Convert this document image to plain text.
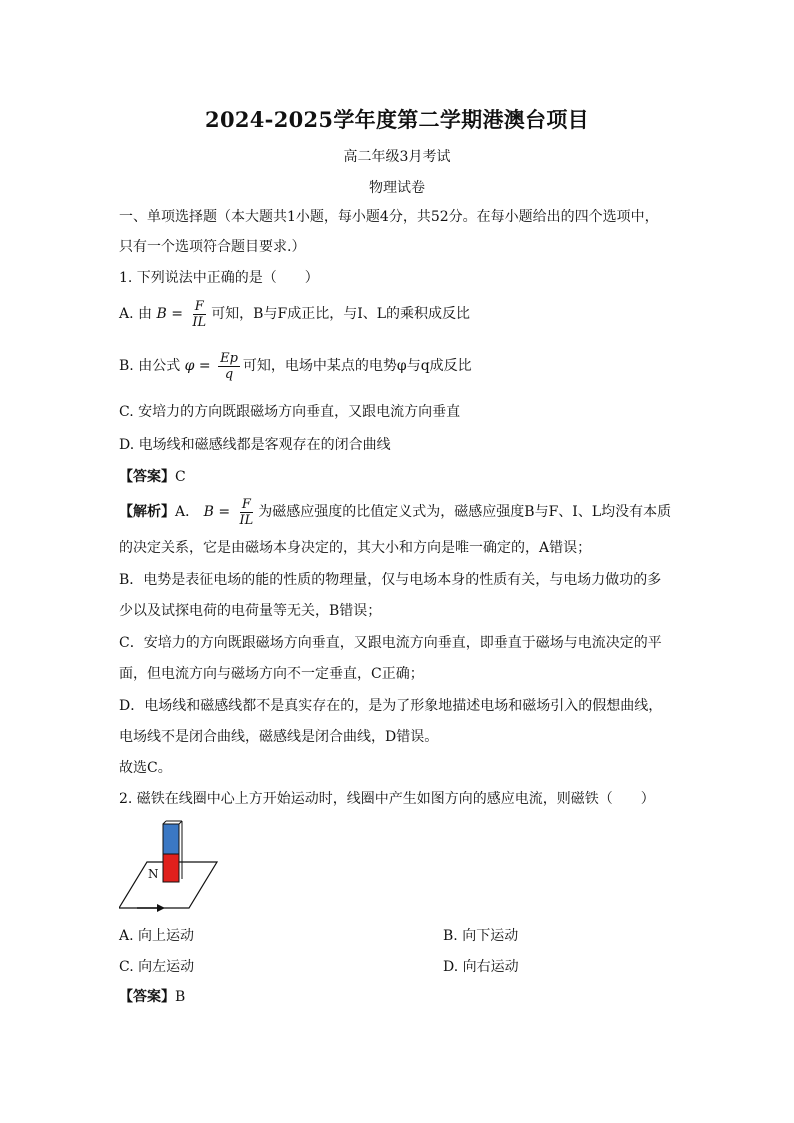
2024-2025学年度第二学期港澳台项目
高二年级3月考试
物理试卷
一、单项选择题（本大题共1小题，每小题4分，共52分。在每小题给出的四个选项中，
只有一个选项符合题目要求.）
1. 下列说法中正确的是（　　）
A. 由 $B = \frac{F}{IL}$ 可知，B与F成正比，与I、L的乘积成反比
B. 由公式 $\varphi = \frac{Ep}{q}$ 可知，电场中某点的电势φ与q成反比
C. 安培力的方向既跟磁场方向垂直，又跟电流方向垂直
D. 电场线和磁感线都是客观存在的闭合曲线
【答案】C
【解析】A． $B = \frac{F}{IL}$ 为磁感应强度的比值定义式为，磁感应强度B与F、I、L均没有本质
的决定关系，它是由磁场本身决定的，其大小和方向是唯一确定的，A错误；
B．电势是表征电场的能的性质的物理量，仅与电场本身的性质有关，与电场力做功的多
少以及试探电荷的电荷量等无关，B错误；
C．安培力的方向既跟磁场方向垂直，又跟电流方向垂直，即垂直于磁场与电流决定的平
面，但电流方向与磁场方向不一定垂直，C正确；
D．电场线和磁感线都不是真实存在的，是为了形象地描述电场和磁场引入的假想曲线，
电场线不是闭合曲线，磁感线是闭合曲线，D错误。
故选C。
2. 磁铁在线圈中心上方开始运动时，线圈中产生如图方向的感应电流，则磁铁（　　）
N
A. 向上运动	B. 向下运动
C. 向左运动	D. 向右运动
【答案】B
